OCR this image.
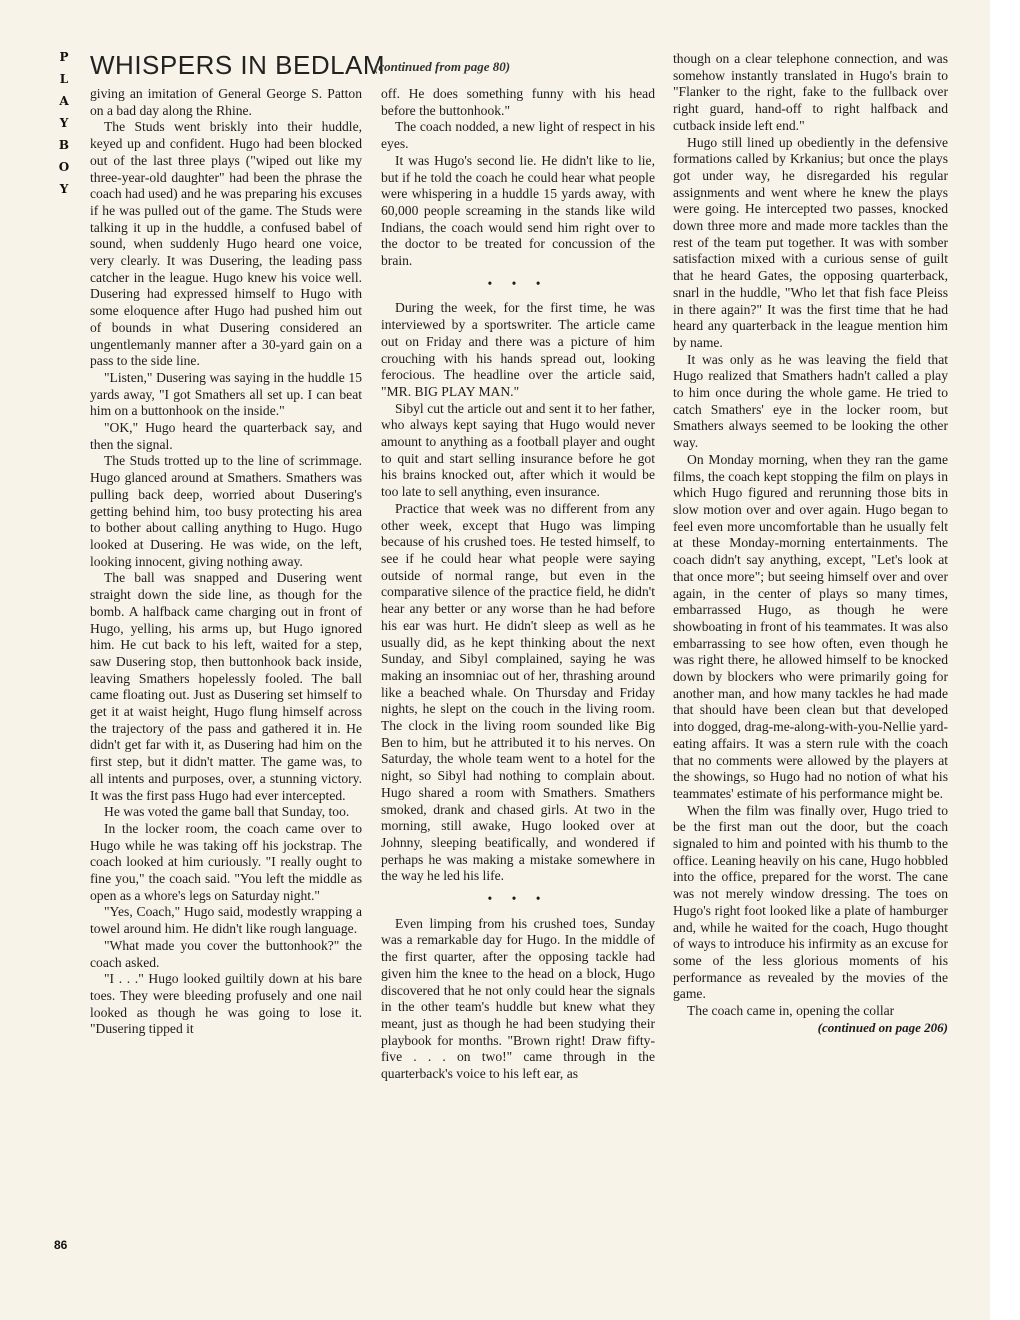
P
L
A
Y
B
O
Y
WHISPERS IN BEDLAM
(continued from page 80)

giving an imitation of General George S. Patton on a bad day along the Rhine.

The Studs went briskly into their huddle, keyed up and confident. Hugo had been blocked out of the last three plays ("wiped out like my three-year-old daughter" had been the phrase the coach had used) and he was preparing his excuses if he was pulled out of the game. The Studs were talking it up in the huddle, a confused babel of sound, when suddenly Hugo heard one voice, very clearly. It was Dusering, the leading pass catcher in the league. Hugo knew his voice well. Dusering had expressed himself to Hugo with some eloquence after Hugo had pushed him out of bounds in what Dusering considered an ungentlemanly manner after a 30-yard gain on a pass to the side line.

"Listen," Dusering was saying in the huddle 15 yards away, "I got Smathers all set up. I can beat him on a buttonhook on the inside."

"OK," Hugo heard the quarterback say, and then the signal.

The Studs trotted up to the line of scrimmage. Hugo glanced around at Smathers. Smathers was pulling back deep, worried about Dusering's getting behind him, too busy protecting his area to bother about calling anything to Hugo. Hugo looked at Dusering. He was wide, on the left, looking innocent, giving nothing away.

The ball was snapped and Dusering went straight down the side line, as though for the bomb. A halfback came charging out in front of Hugo, yelling, his arms up, but Hugo ignored him. He cut back to his left, waited for a step, saw Dusering stop, then buttonhook back inside, leaving Smathers hopelessly fooled. The ball came floating out. Just as Dusering set himself to get it at waist height, Hugo flung himself across the trajectory of the pass and gathered it in. He didn't get far with it, as Dusering had him on the first step, but it didn't matter. The game was, to all intents and purposes, over, a stunning victory. It was the first pass Hugo had ever intercepted.

He was voted the game ball that Sunday, too.

In the locker room, the coach came over to Hugo while he was taking off his jockstrap. The coach looked at him curiously. "I really ought to fine you," the coach said. "You left the middle as open as a whore's legs on Saturday night."

"Yes, Coach," Hugo said, modestly wrapping a towel around him. He didn't like rough language.

"What made you cover the buttonhook?" the coach asked.

"I . . ." Hugo looked guiltily down at his bare toes. They were bleeding profusely and one nail looked as though he was going to lose it. "Dusering tipped it

off. He does something funny with his head before the buttonhook."

The coach nodded, a new light of respect in his eyes.

It was Hugo's second lie. He didn't like to lie, but if he told the coach he could hear what people were whispering in a huddle 15 yards away, with 60,000 people screaming in the stands like wild Indians, the coach would send him right over to the doctor to be treated for concussion of the brain.

• • •

During the week, for the first time, he was interviewed by a sportswriter. The article came out on Friday and there was a picture of him crouching with his hands spread out, looking ferocious. The headline over the article said, "MR. BIG PLAY MAN."

Sibyl cut the article out and sent it to her father, who always kept saying that Hugo would never amount to anything as a football player and ought to quit and start selling insurance before he got his brains knocked out, after which it would be too late to sell anything, even insurance.

Practice that week was no different from any other week, except that Hugo was limping because of his crushed toes. He tested himself, to see if he could hear what people were saying outside of normal range, but even in the comparative silence of the practice field, he didn't hear any better or any worse than he had before his ear was hurt. He didn't sleep as well as he usually did, as he kept thinking about the next Sunday, and Sibyl complained, saying he was making an insomniac out of her, thrashing around like a beached whale. On Thursday and Friday nights, he slept on the couch in the living room. The clock in the living room sounded like Big Ben to him, but he attributed it to his nerves. On Saturday, the whole team went to a hotel for the night, so Sibyl had nothing to complain about. Hugo shared a room with Smathers. Smathers smoked, drank and chased girls. At two in the morning, still awake, Hugo looked over at Johnny, sleeping beatifically, and wondered if perhaps he was making a mistake somewhere in the way he led his life.

• • •

Even limping from his crushed toes, Sunday was a remarkable day for Hugo. In the middle of the first quarter, after the opposing tackle had given him the knee to the head on a block, Hugo discovered that he not only could hear the signals in the other team's huddle but knew what they meant, just as though he had been studying their playbook for months. "Brown right! Draw fifty-five . . . on two!" came through in the quarterback's voice to his left ear, as

though on a clear telephone connection, and was somehow instantly translated in Hugo's brain to "Flanker to the right, fake to the fullback over right guard, hand-off to right halfback and cutback inside left end."

Hugo still lined up obediently in the defensive formations called by Krkanius; but once the plays got under way, he disregarded his regular assignments and went where he knew the plays were going. He intercepted two passes, knocked down three more and made more tackles than the rest of the team put together. It was with somber satisfaction mixed with a curious sense of guilt that he heard Gates, the opposing quarterback, snarl in the huddle, "Who let that fish face Pleiss in there again?" It was the first time that he had heard any quarterback in the league mention him by name.

It was only as he was leaving the field that Hugo realized that Smathers hadn't called a play to him once during the whole game. He tried to catch Smathers' eye in the locker room, but Smathers always seemed to be looking the other way.

On Monday morning, when they ran the game films, the coach kept stopping the film on plays in which Hugo figured and rerunning those bits in slow motion over and over again. Hugo began to feel even more uncomfortable than he usually felt at these Monday-morning entertainments. The coach didn't say anything, except, "Let's look at that once more"; but seeing himself over and over again, in the center of plays so many times, embarrassed Hugo, as though he were showboating in front of his teammates. It was also embarrassing to see how often, even though he was right there, he allowed himself to be knocked down by blockers who were primarily going for another man, and how many tackles he had made that should have been clean but that developed into dogged, drag-me-along-with-you-Nellie yard-eating affairs. It was a stern rule with the coach that no comments were allowed by the players at the showings, so Hugo had no notion of what his teammates' estimate of his performance might be.

When the film was finally over, Hugo tried to be the first man out the door, but the coach signaled to him and pointed with his thumb to the office. Leaning heavily on his cane, Hugo hobbled into the office, prepared for the worst. The cane was not merely window dressing. The toes on Hugo's right foot looked like a plate of hamburger and, while he waited for the coach, Hugo thought of ways to introduce his infirmity as an excuse for some of the less glorious moments of his performance as revealed by the movies of the game.

The coach came in, opening the collar

(continued on page 206)

86
